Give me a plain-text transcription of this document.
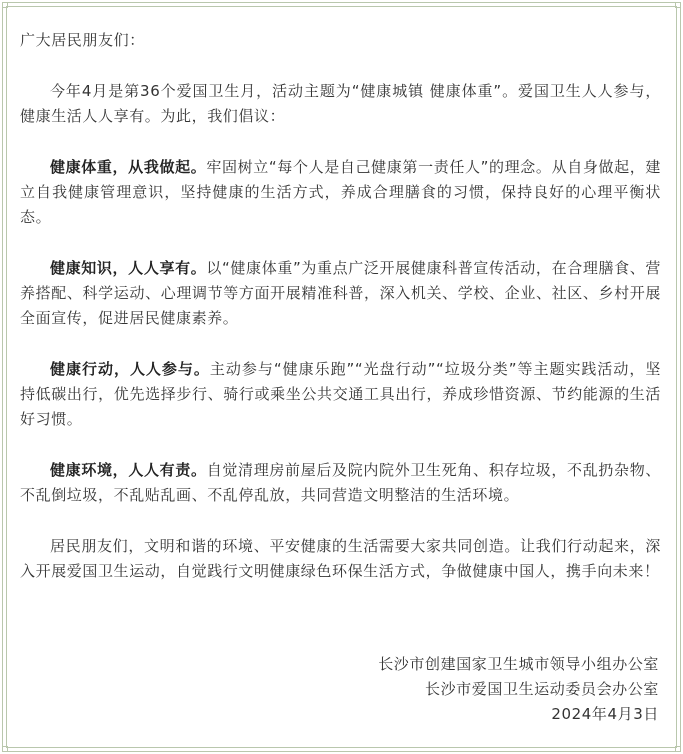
广大居民朋友们：

今年4月是第36个爱国卫生月，活动主题为“健康城镇 健康体重”。爱国卫生人人参与，健康生活人人享有。为此，我们倡议：

健康体重，从我做起。牢固树立“每个人是自己健康第一责任人”的理念。从自身做起，建立自我健康管理意识，坚持健康的生活方式，养成合理膳食的习惯，保持良好的心理平衡状态。

健康知识，人人享有。以“健康体重”为重点广泛开展健康科普宣传活动，在合理膳食、营养搭配、科学运动、心理调节等方面开展精准科普，深入机关、学校、企业、社区、乡村开展全面宣传，促进居民健康素养。

健康行动，人人参与。主动参与“健康乐跑”“光盘行动”“垃圾分类”等主题实践活动，坚持低碳出行，优先选择步行、骑行或乘坐公共交通工具出行，养成珍惜资源、节约能源的生活好习惯。

健康环境，人人有责。自觉清理房前屋后及院内院外卫生死角、积存垃圾，不乱扔杂物、不乱倒垃圾，不乱贴乱画、不乱停乱放，共同营造文明整洁的生活环境。

居民朋友们，文明和谐的环境、平安健康的生活需要大家共同创造。让我们行动起来，深入开展爱国卫生运动，自觉践行文明健康绿色环保生活方式，争做健康中国人，携手向未来！

长沙市创建国家卫生城市领导小组办公室
长沙市爱国卫生运动委员会办公室
2024年4月3日
